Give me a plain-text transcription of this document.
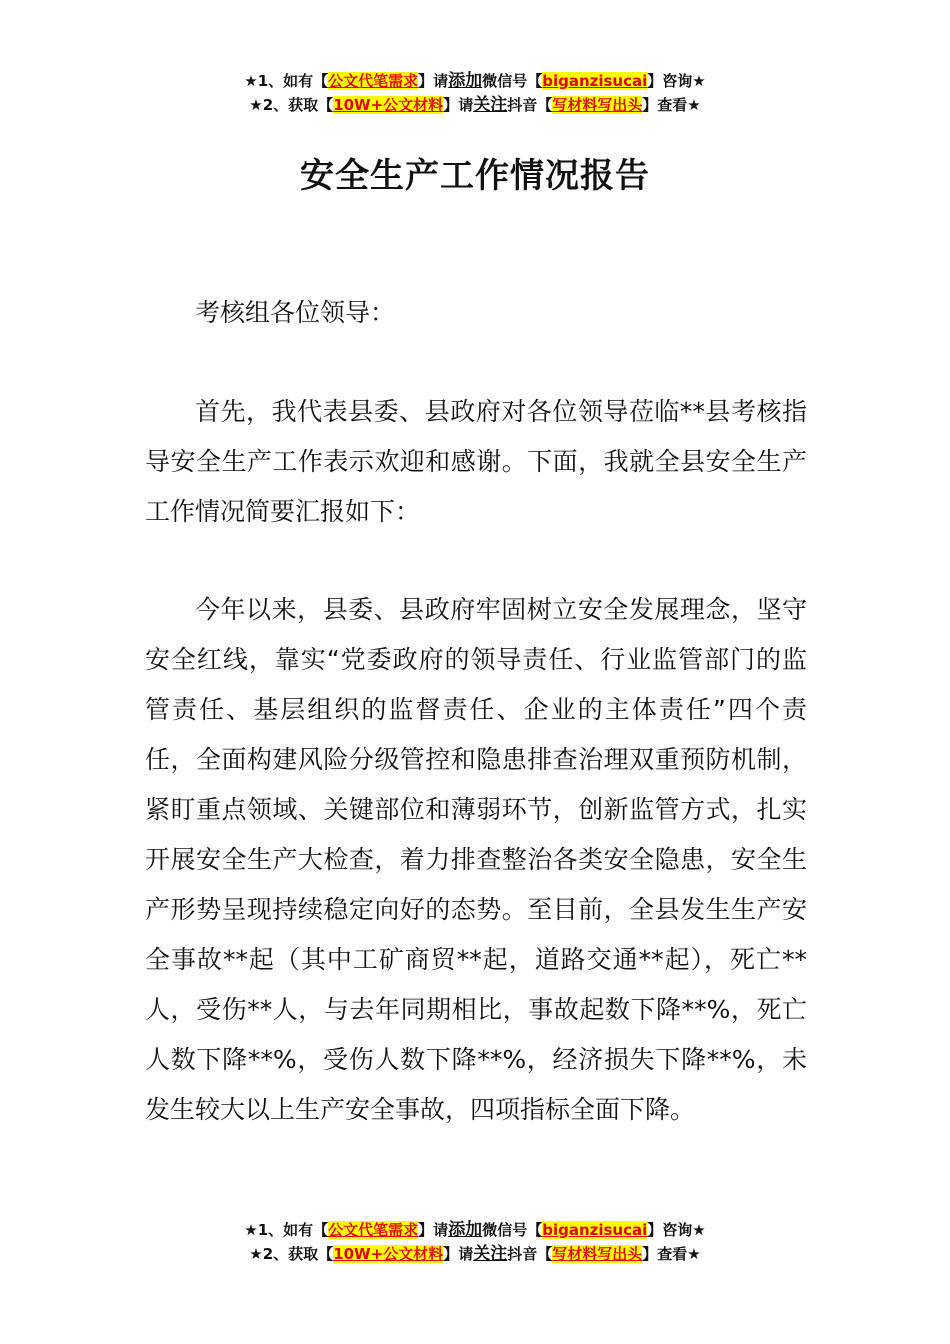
★1、如有【公文代笔需求】请添加微信号【biganzisucai】咨询★
★2、获取【10W+公文材料】请关注抖音【写材料写出头】查看★
安全生产工作情况报告

考核组各位领导：

首先，我代表县委、县政府对各位领导莅临**县考核指导安全生产工作表示欢迎和感谢。下面，我就全县安全生产工作情况简要汇报如下：

今年以来，县委、县政府牢固树立安全发展理念，坚守安全红线，靠实“党委政府的领导责任、行业监管部门的监管责任、基层组织的监督责任、企业的主体责任”四个责任，全面构建风险分级管控和隐患排查治理双重预防机制，紧盯重点领域、关键部位和薄弱环节，创新监管方式，扎实开展安全生产大检查，着力排查整治各类安全隐患，安全生产形势呈现持续稳定向好的态势。至目前，全县发生生产安全事故**起（其中工矿商贸**起，道路交通**起），死亡**人，受伤**人，与去年同期相比，事故起数下降**%，死亡人数下降**%，受伤人数下降**%，经济损失下降**%，未发生较大以上生产安全事故，四项指标全面下降。

★1、如有【公文代笔需求】请添加微信号【biganzisucai】咨询★
★2、获取【10W+公文材料】请关注抖音【写材料写出头】查看★
